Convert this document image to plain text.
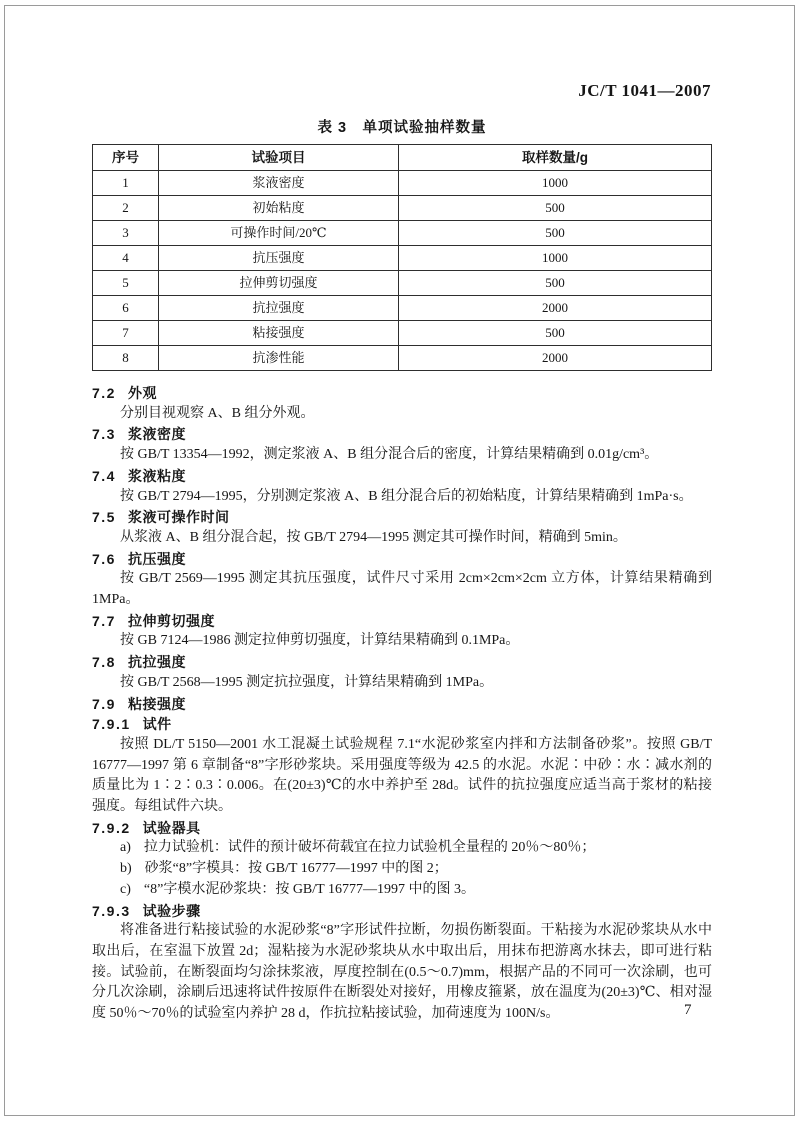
JC/T 1041—2007
表 3　单项试验抽样数量
序号	试验项目	取样数量/g
1	浆液密度	1000
2	初始粘度	500
3	可操作时间/20℃	500
4	抗压强度	1000
5	拉伸剪切强度	500
6	抗拉强度	2000
7	粘接强度	500
8	抗渗性能	2000
7.2 外观

分别目视观察 A、B 组分外观。

7.3 浆液密度

按 GB/T 13354—1992，测定浆液 A、B 组分混合后的密度，计算结果精确到 0.01g/cm³。

7.4 浆液粘度

按 GB/T 2794—1995，分别测定浆液 A、B 组分混合后的初始粘度，计算结果精确到 1mPa·s。

7.5 浆液可操作时间

从浆液 A、B 组分混合起，按 GB/T 2794—1995 测定其可操作时间，精确到 5min。

7.6 抗压强度

按 GB/T 2569—1995 测定其抗压强度，试件尺寸采用 2cm×2cm×2cm 立方体，计算结果精确到 1MPa。

7.7 拉伸剪切强度

按 GB 7124—1986 测定拉伸剪切强度，计算结果精确到 0.1MPa。

7.8 抗拉强度

按 GB/T 2568—1995 测定抗拉强度，计算结果精确到 1MPa。

7.9 粘接强度
7.9.1 试件

按照 DL/T 5150—2001 水工混凝土试验规程 7.1“水泥砂浆室内拌和方法制备砂浆”。按照 GB/T 16777—1997 第 6 章制备“8”字形砂浆块。采用强度等级为 42.5 的水泥。水泥∶中砂∶水∶减水剂的质量比为 1∶2∶0.3∶0.006。在(20±3)℃的水中养护至 28d。试件的抗拉强度应适当高于浆材的粘接强度。每组试件六块。

7.9.2 试验器具

a) 拉力试验机：试件的预计破坏荷载宜在拉力试验机全量程的 20％～80％；

b) 砂浆“8”字模具：按 GB/T 16777—1997 中的图 2；

c) “8”字模水泥砂浆块：按 GB/T 16777—1997 中的图 3。

7.9.3 试验步骤

将准备进行粘接试验的水泥砂浆“8”字形试件拉断，勿损伤断裂面。干粘接为水泥砂浆块从水中取出后，在室温下放置 2d；湿粘接为水泥砂浆块从水中取出后，用抹布把游离水抹去，即可进行粘接。试验前，在断裂面均匀涂抹浆液，厚度控制在(0.5～0.7)mm，根据产品的不同可一次涂刷，也可分几次涂刷，涂刷后迅速将试件按原件在断裂处对接好，用橡皮箍紧，放在温度为(20±3)℃、相对湿度 50％～70％的试验室内养护 28 d，作抗拉粘接试验，加荷速度为 100N/s。	7
